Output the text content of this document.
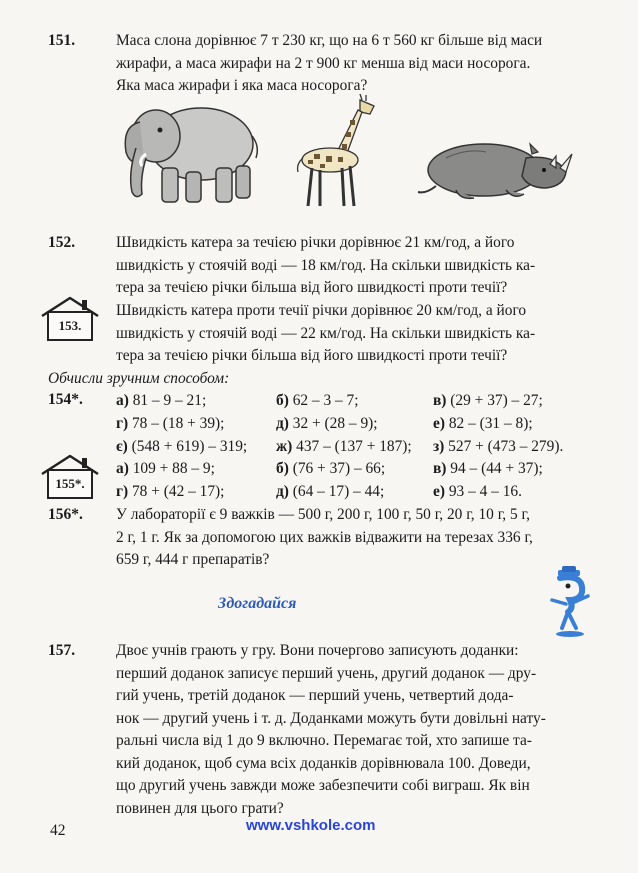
151.	Маса слона дорівнює 7 т 230 кг, що на 6 т 560 кг більше від маси

жирафи, а маса жирафи на 2 т 900 кг менша від маси носорога.

Яка маса жирафи і яка маса носорога?

152.	Швидкість катера за течією річки дорівнює 21 км/год, а його

швидкість у стоячій воді — 18 км/год. На скільки швидкість ка-

тера за течією річки більша від його швидкості проти течії?

153.

Швидкість катера проти течії річки дорівнює 20 км/год, а його

швидкість у стоячій воді — 22 км/год. На скільки швидкість ка-

тера за течією річки більша від його швидкості проти течії?

Обчисли зручним способом:
154*. а) 81 – 9 – 21;	б) 62 – 3 – 7;	в) (29 + 37) – 27;
г) 78 – (18 + 39);	д) 32 + (28 – 9);	е) 82 – (31 – 8);
є) (548 + 619) – 319;	ж) 437 – (137 + 187);	з) 527 + (473 – 279).
155*.
а) 109 + 88 – 9;	б) (76 + 37) – 66;	в) 94 – (44 + 37);
г) 78 + (42 – 17);	д) (64 – 17) – 44;	е) 93 – 4 – 16.
156*. У лабораторії є 9 важків — 500 г, 200 г, 100 г, 50 г, 20 г, 10 г, 5 г,

2 г, 1 г. Як за допомогою цих важків відважити на терезах 336 г,

659 г, 444 г препаратів?

Здогадайся
157.	Двоє учнів грають у гру. Вони почергово записують доданки:

перший доданок записує перший учень, другий доданок — дру-

гий учень, третій доданок — перший учень, четвертий дода-

нок — другий учень і т. д. Доданками можуть бути довільні нату-

ральні числа від 1 до 9 включно. Перемагає той, хто запише та-

кий доданок, щоб сума всіх доданків дорівнювала 100. Доведи,

що другий учень завжди може забезпечити собі виграш. Як він

повинен для цього грати?

42	www.vshkole.com
